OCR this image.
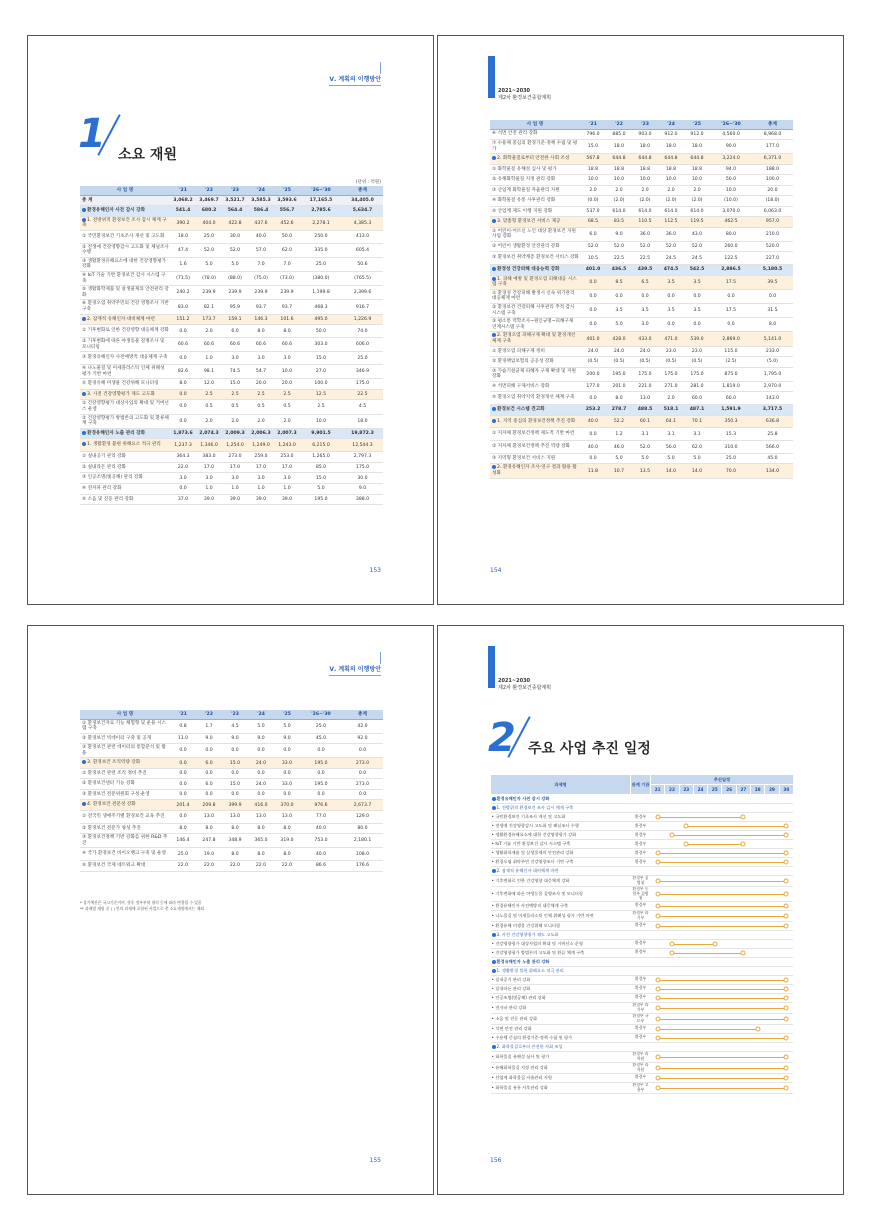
Ⅴ. 계획의 이행방안
1 소요 재원
(단위 : 억원)
사 업 명	'21	'22	'23	'24	'25	'26~'30	총계
총 계	3,068.2	3,469.7	3,521.7	3,585.3	3,593.6	17,165.5	34,405.0
환경유해인자 사전 감시 강화	541.4	680.2	564.4	586.4	556.7	2,785.6	5,634.7
1. 전방위적 환경보건 조사 감시 체계 구축	390.2	404.0	422.8	437.6	452.6	2,278.1	4,385.3
① 국민환경보건 기초조사 개선 및 고도화	18.0	25.0	30.0	40.0	50.0	250.0	413.0
② 전생애 건강영향감시 고도화 및 체널조사 수행	47.4	52.0	52.0	57.0	62.0	335.0	605.4
③ 생활환경유해요소에 대한 건강영향평가 강화	1.6	5.0	5.0	7.0	7.0	25.0	50.6
④ IoT 기술 기반 환경보건 감시 시스템 구축	(71.5)	(78.0)	(88.0)	(75.0)	(73.0)	(380.0)	(765.5)
⑤ 생활화학제품 및 살생물제의 안전관리 강화	240.2	239.9	239.9	239.9	239.9	1,199.8	2,399.6
⑥ 환경오염 취약주민의 건강 영향조사 기반 구축	83.0	82.1	95.9	93.7	93.7	468.3	916.7
2. 잠재적 유해인자 대비체계 마련	151.2	173.7	159.1	146.3	101.6	495.0	1,226.9
① 기후변화로 인한 건강영향 대응체계 강화	0.0	2.0	6.0	8.0	8.0	50.0	74.0
② 기후변화에 따른 야생동물 질병조사 및 모니터링	60.6	60.6	60.6	60.6	60.6	303.0	606.0
③ 환경유해인자 사전예방적 대응체계 구축	0.0	1.0	3.0	3.0	3.0	15.0	25.0
④ 나노물질 및 미세플라스틱 인체 위해성 평가 기반 마련	82.6	98.1	74.5	54.7	10.0	27.0	346.9
⑤ 환경유해 미생물 건강위해 모니터링	8.0	12.0	15.0	20.0	20.0	100.0	175.0
3. 사전 건강영향평가 제도 고도화	0.0	2.5	2.5	2.5	2.5	12.5	22.5
① 건강영향평가 대상사업의 확대 및 거버넌스 운영	0.0	0.5	0.5	0.5	0.5	2.5	4.5
② 건강영향평가 방법론의 고도화 및 환류체계 구축	0.0	2.0	2.0	2.0	2.0	10.0	18.0
환경유해인자 노출 관리 강화	1,873.6	2,074.3	2,009.3	2,006.3	2,007.3	9,901.5	19,872.3
1. 생활환경 불편 위해요소 적극 관리	1,237.3	1,346.0	1,254.0	1,249.0	1,243.0	6,215.0	12,544.3
① 실내공기 관리 강화	364.3	383.0	273.0	259.0	253.0	1,265.0	2,797.3
② 실내라돈 관리 강화	22.0	17.0	17.0	17.0	17.0	85.0	175.0
③ 인공조명(빛공해) 관리 강화	3.0	3.0	3.0	3.0	3.0	15.0	30.0
④ 전자파 관리 강화	0.0	1.0	1.0	1.0	1.0	5.0	9.0
⑤ 소음 및 진동 관리 강화	37.0	39.0	39.0	39.0	39.0	195.0	388.0
153
2021~2030
제2차 환경보건종합계획
사 업 명	'21	'22	'23	'24	'25	'26~'30	총계
⑥ 석면 안전 관리 강화	796.0	885.0	903.0	912.0	912.0	4,560.0	8,968.0
⑦ 수용체 중심의 환경기준·정책 수립 및 평가	15.0	18.0	18.0	18.0	18.0	90.0	177.0
2. 화학물질로부터 안전한 사회 조성	567.8	644.8	644.8	644.8	644.8	3,224.0	6,371.0
① 화학물질 유해성 심사 및 평가	18.8	18.8	18.8	18.8	18.8	94.0	188.0
② 유해화학물질 지정 관리 강화	10.0	10.0	10.0	10.0	10.0	50.0	100.0
③ 산업계 화학물질 자율관리 지원	2.0	2.0	2.0	2.0	2.0	10.0	20.0
④ 화학물질 유통 사후관리 강화	(0.0)	(2.0)	(2.0)	(2.0)	(2.0)	(10.0)	(18.0)
⑤ 산업계 제도 이행 지원 강화	537.0	614.0	614.0	614.0	614.0	3,070.0	6,063.0
3. 맞춤형 환경보건 서비스 제공	68.5	83.5	110.5	112.5	119.5	462.5	957.0
① 어린이·어르신 노인 대상 환경보건 지원사업 강화	6.0	9.0	36.0	36.0	43.0	80.0	210.0
② 어린이 생활환경 안전관리 강화	52.0	52.0	52.0	52.0	52.0	260.0	520.0
③ 환경보건 취약계층 환경보건 서비스 강화	10.5	22.5	22.5	24.5	24.5	122.5	227.0
환경성 건강피해 대응능력 강화	401.0	436.5	439.5	474.5	542.5	2,886.5	5,180.5
1. 피해 예방 및 환경오염 피해대응 시스템 구축	0.0	8.5	6.5	3.5	3.5	17.5	39.5
① 환경성 건강피해 발생시 신속 위기관리 대응체계 마련	0.0	0.0	0.0	0.0	0.0	0.0	0.0
② 환경보건 건강피해 사후관리 추적 감시 시스템 구축	0.0	3.5	3.5	3.5	3.5	17.5	31.5
③ 평소통 역학조사~원인규명~피해구제 연계시스템 구축	0.0	5.0	3.0	0.0	0.0	0.0	8.0
2. 환경오염 피해구제 확대 및 환경개선 체계 구축	401.0	428.0	433.0	471.0	539.0	2,869.0	5,141.0
① 환경오염 피해구제 정비	24.0	24.0	24.0	23.0	23.0	115.0	233.0
② 환경책임보험의 공공성 강화	(0.5)	(0.5)	(0.5)	(0.5)	(0.5)	(2.5)	(5.0)
③ 가습기살균제 피해자 구제 확대 및 지원 강화	200.0	195.0	175.0	175.0	175.0	875.0	1,795.0
④ 석면피해 구제서비스 강화	177.0	201.0	221.0	271.0	281.0	1,819.0	2,970.0
⑤ 환경오염 취약지역 환경개선 체계 구축	0.0	8.0	13.0	2.0	60.0	60.0	143.0
환경보건 시스템 견고화	253.2	278.7	488.5	518.1	487.1	1,591.9	3,717.5
1. 지역 중심의 환경보건정책 추진 강화	40.0	52.2	60.1	64.1	70.1	350.3	636.8
① 지자체 환경보건정책 제도적 기반 마련	0.0	1.2	3.1	3.1	3.1	15.3	25.8
② 지자체 환경보건정책 추진 역량 강화	40.0	46.0	52.0	56.0	62.0	310.0	566.0
③ 지역형 환경보건 서비스 지원	0.0	5.0	5.0	5.0	5.0	25.0	45.0
2. 환경유해인자 조사·연구 결과 활용 활성화	11.8	10.7	13.5	14.0	14.0	70.0	134.0
154
Ⅴ. 계획의 이행방안
사 업 명	'21	'22	'23	'24	'25	'26~'30	총계
① 환경보건자료 기능 체험형 및 운용 시스템 구축	0.8	1.7	4.5	5.0	5.0	25.0	42.0
② 환경보건 빅데이터 구축 및 공개	11.0	9.0	9.0	9.0	9.0	45.0	92.0
③ 환경보건 관련 데이터의 통합분석 및 활용	0.0	0.0	0.0	0.0	0.0	0.0	0.0
3. 환경보건 조직역량 강화	0.0	6.0	15.0	24.0	33.0	195.0	273.0
① 환경보건 관련 조직 정비 추진	0.0	0.0	0.0	0.0	0.0	0.0	0.0
② 환경보건센터 기능 강화	0.0	6.0	15.0	24.0	33.0	195.0	273.0
③ 환경보건 전문위원회 구성·운영	0.0	0.0	0.0	0.0	0.0	0.0	0.0
4. 환경보건 전문성 강화	201.4	209.8	399.9	416.0	370.0	976.6	2,673.7
① 전국민 생애주기별 환경보건 교육 추진	0.0	13.0	13.0	13.0	13.0	77.0	129.0
② 환경보건 전문가 양성 추진	8.0	8.0	8.0	8.0	8.0	40.0	80.0
③ 환경보건정책 기반 강화를 위한 R&D 추진	146.4	247.8	348.9	365.0	319.0	753.0	2,180.1
④ 국가 환경보건 바이오뱅크 구축 및 운영	25.0	19.0	8.0	8.0	8.0	40.0	108.0
⑤ 환경보건 국제 네트워크 확대	22.0	22.0	22.0	22.0	22.0	86.6	176.6
* 상기예산은 국고기준이며, 향후 정부부처 협의 등에 따라 변경될 수 있음
** 과제별 재원 중 ( ) 안의 과제에 포함된 사업으로 총 소요재원에서는 제외
155
2021~2030
제2차 환경보건종합계획
2 주요 사업 추진 일정
과제명	관계 기관	추진일정									
		21	22	23	24	25	26	27	28	29	30
환경유해인자 사전 감시 강화											
1. 전방위적 환경보건 조사 감시 체계 구축											
• 국민환경보건 기초조사 개선 및 고도화	환경부										

• 전생애 건강영향감시 고도화 및 패널조사 수행	환경부										

• 생활환경유해요소에 대한 건강영향평가 강화	환경부										

• IoT 기술 기반 환경보건 감시 시스템 구축	환경부										

• 생활화학제품 및 살생물제의 안전관리 강화	환경부										

• 환경오염 취약주민 건강영향조사 기반 구축	환경부										

2. 잠재적 유해인자 대비체계 마련											
• 기후변화로 인한 건강영향 대응체계 강화	환경부 질병청										

• 기후변화에 따른 야생동물 질병조사 및 모니터링	환경부 농림부 질병청										

• 환경유해인자 사전예방적 대응체계 구축	환경부										

• 나노물질 및 미세플라스틱 인체 위해성 평가 기반 마련	환경부 과기부										

• 환경유해 미생물 건강위해 모니터링	환경부										

3. 사전 건강영향평가 제도 고도화											
• 건강영향평가 대상사업의 확대 및 거버넌스 운영	환경부										

• 건강영향평가 방법론의 고도화 및 환류 체계 구축	환경부										

환경유해인자 노출 관리 강화											
1. 생활환경 불편 위해요소 적극 관리											
• 실내공기 관리 강화	환경부										

• 실내라돈 관리 강화	환경부										

• 인공조명(빛공해) 관리 강화	환경부										

• 전자파 관리 강화	환경부 과기부										

• 소음 및 진동 관리 강화	환경부 국토부										

• 석면 안전 관리 강화	환경부										

• 수용체 중심의 환경기준·정책 수립 및 평가	환경부										

2. 화학물질로부터 안전한 사회 조성											
• 화학물질 유해성 심사 및 평가	환경부 과학원										

• 유해화학물질 지정 관리 강화	환경부 과학원										

• 산업계 화학물질 자율관리 지원	환경부										

• 화학물질 유통 사후관리 강화	환경부 고용부										
156
